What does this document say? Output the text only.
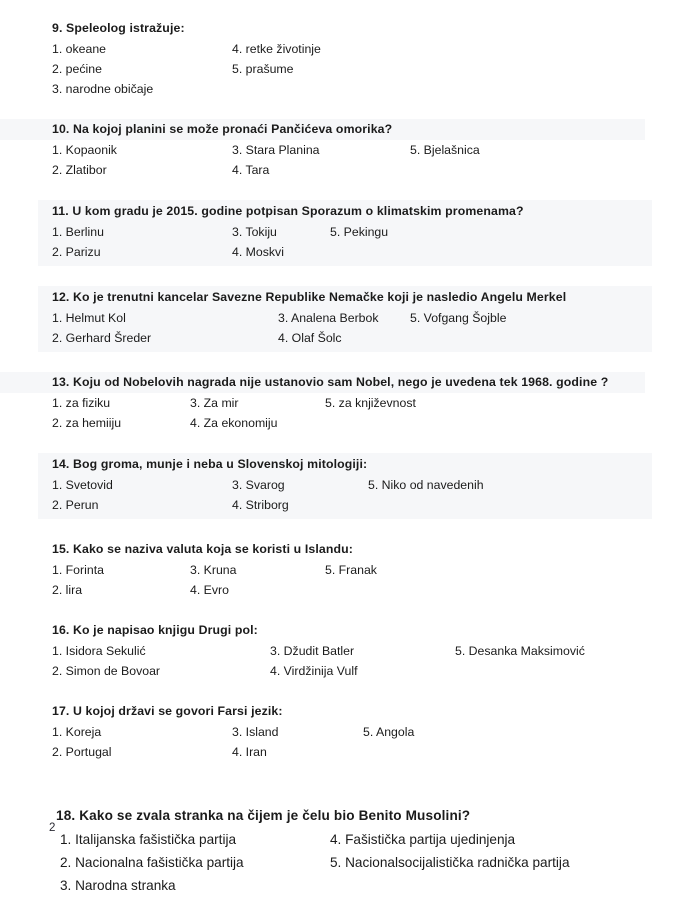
9. Speleolog istražuje:
1. okeane	4. retke životinje
2. pećine	5. prašume
3. narodne običaje
10. Na kojoj planini se može pronaći Pančićeva omorika?
1. Kopaonik	3. Stara Planina	5. Bjelašnica
2. Zlatibor	4. Tara
11. U kom gradu je 2015. godine potpisan Sporazum o klimatskim promenama?
1. Berlinu	3. Tokiju	5. Pekingu
2. Parizu	4. Moskvi
12. Ko je trenutni kancelar Savezne Republike Nemačke koji je nasledio Angelu Merkel
1. Helmut Kol	3. Analena Berbok	5. Vofgang Šojble
2. Gerhard Šreder	4. Olaf Šolc
13. Koju od Nobelovih nagrada nije ustanovio sam Nobel, nego je uvedena tek 1968. godine ?
1. za fiziku	3. Za mir	5. za književnost
2. za hemiiju	4. Za ekonomiju
14. Bog groma, munje i neba u Slovenskoj mitologiji:
1. Svetovid	3. Svarog	5. Niko od navedenih
2. Perun	4. Striborg
15. Kako se naziva valuta koja se koristi u Islandu:
1. Forinta	3. Kruna	5. Franak
2. lira	4. Evro
16. Ko je napisao knjigu Drugi pol:
1. Isidora Sekulić	3. Džudit Batler	5. Desanka Maksimović
2. Simon de Bovoar	4. Virdžinija Vulf
17. U kojoj državi se govori Farsi jezik:
1. Koreja	3. Island	5. Angola
2. Portugal	4. Iran
18. Kako se zvala stranka na čijem je čelu bio Benito Musolini?
1. Italijanska fašistička partija	4. Fašistička partija ujedinjenja
2. Nacionalna fašistička partija	5. Nacionalsocijalistička radnička partija
3. Narodna stranka
2
